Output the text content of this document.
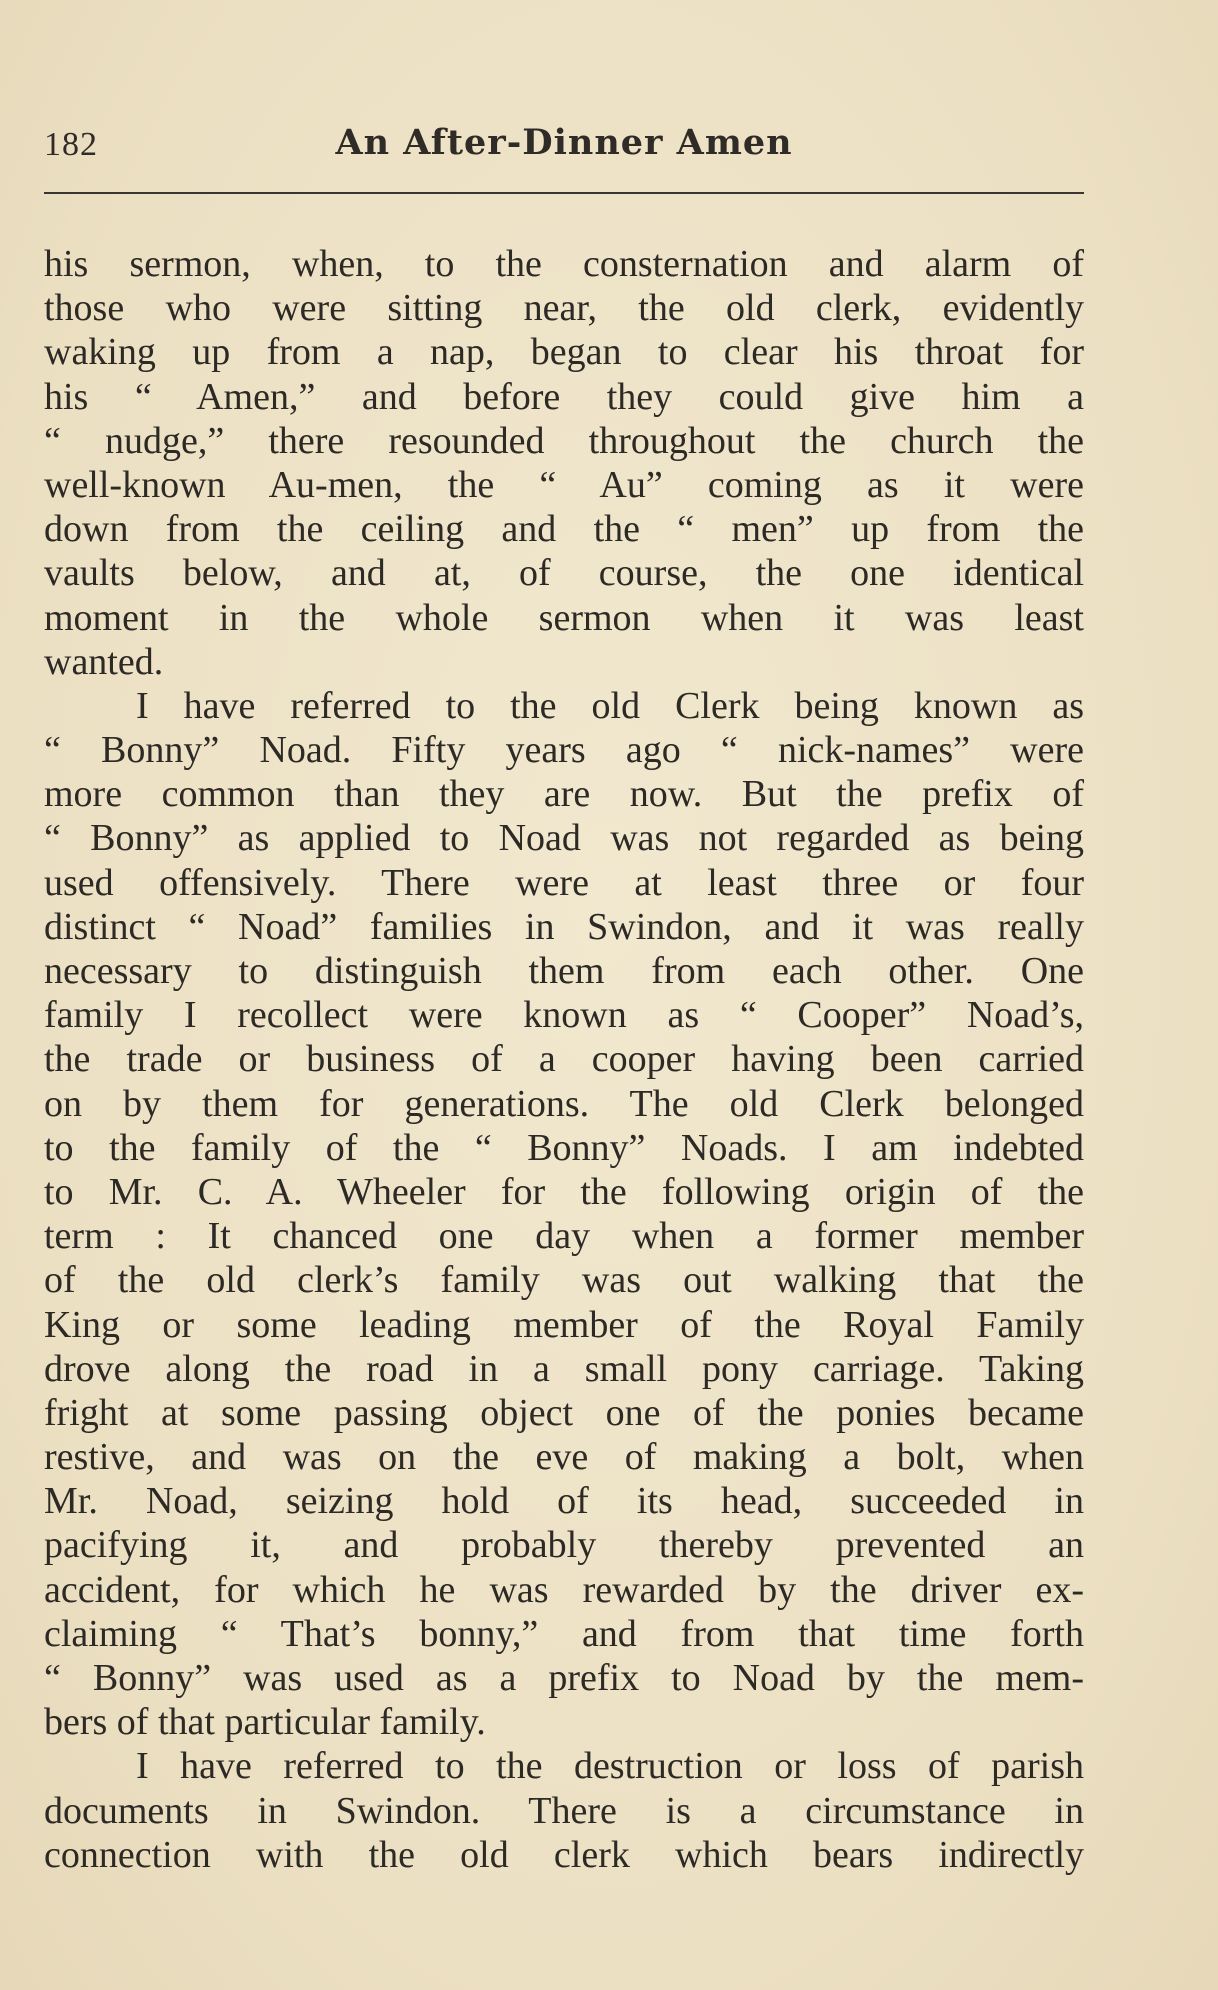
182	An After-Dinner Amen
his sermon, when, to the consternation and alarm of
those who were sitting near, the old clerk, evidently
waking up from a nap, began to clear his throat for
his “ Amen,” and before they could give him a
“ nudge,” there resounded throughout the church the
well-known Au-men, the “ Au” coming as it were
down from the ceiling and the “ men” up from the
vaults below, and at, of course, the one identical
moment in the whole sermon when it was least
wanted.
I have referred to the old Clerk being known as
“ Bonny” Noad. Fifty years ago “ nick-names” were
more common than they are now. But the prefix of
“ Bonny” as applied to Noad was not regarded as being
used offensively. There were at least three or four
distinct “ Noad” families in Swindon, and it was really
necessary to distinguish them from each other. One
family I recollect were known as “ Cooper” Noad’s,
the trade or business of a cooper having been carried
on by them for generations. The old Clerk belonged
to the family of the “ Bonny” Noads. I am indebted
to Mr. C. A. Wheeler for the following origin of the
term : It chanced one day when a former member
of the old clerk’s family was out walking that the
King or some leading member of the Royal Family
drove along the road in a small pony carriage. Taking
fright at some passing object one of the ponies became
restive, and was on the eve of making a bolt, when
Mr. Noad, seizing hold of its head, succeeded in
pacifying it, and probably thereby prevented an
accident, for which he was rewarded by the driver ex-
claiming “ That’s bonny,” and from that time forth
“ Bonny” was used as a prefix to Noad by the mem-
bers of that particular family.
I have referred to the destruction or loss of parish
documents in Swindon. There is a circumstance in
connection with the old clerk which bears indirectly
